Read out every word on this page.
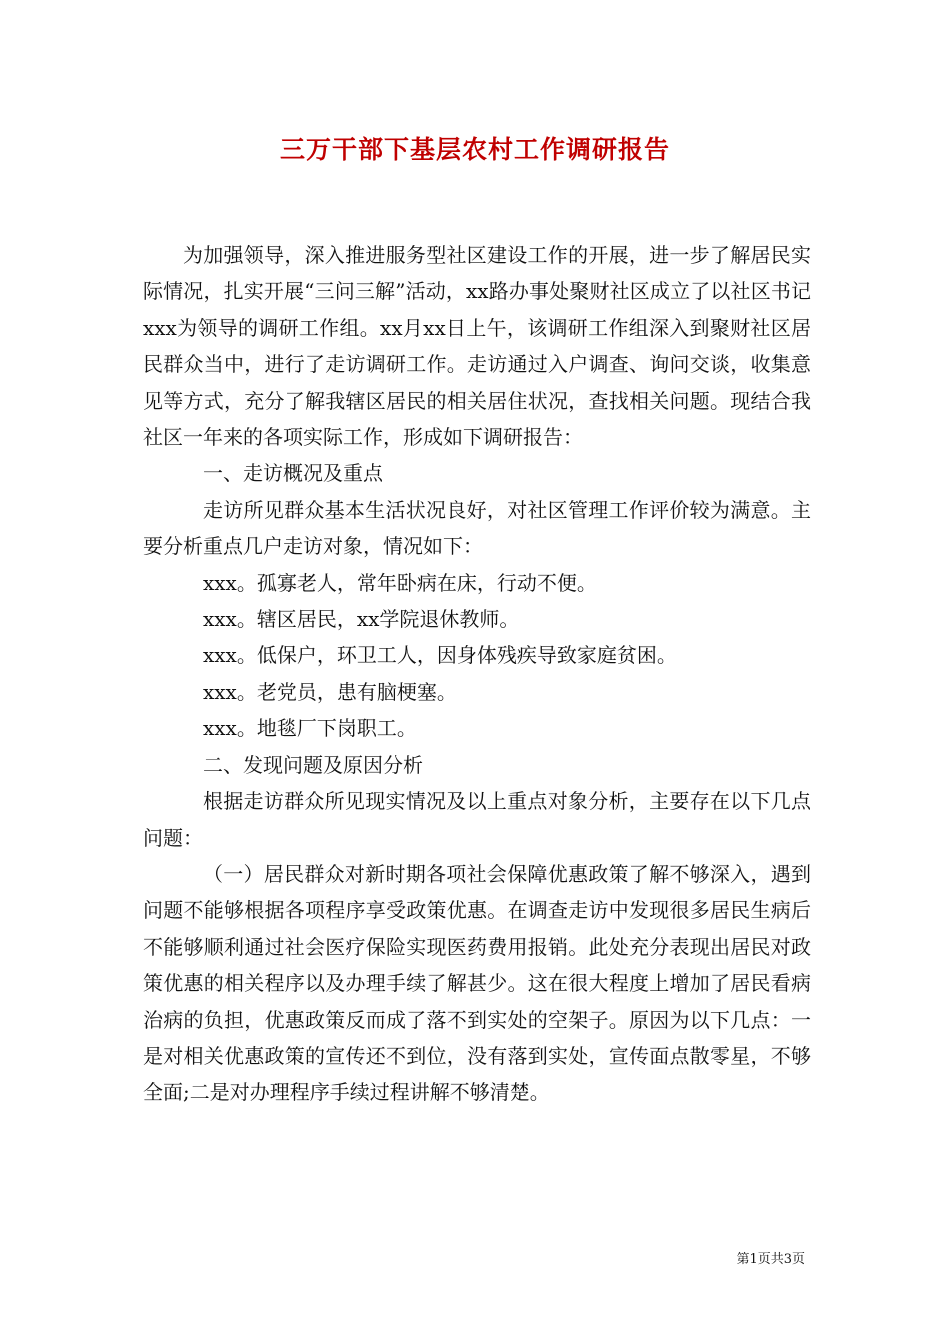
三万干部下基层农村工作调研报告

为加强领导，深入推进服务型社区建设工作的开展，进一步了解居民实际情况，扎实开展“三问三解”活动，xx路办事处聚财社区成立了以社区书记xxx为领导的调研工作组。xx月xx日上午，该调研工作组深入到聚财社区居民群众当中，进行了走访调研工作。走访通过入户调查、询问交谈，收集意见等方式，充分了解我辖区居民的相关居住状况，查找相关问题。现结合我社区一年来的各项实际工作，形成如下调研报告：

一、走访概况及重点

走访所见群众基本生活状况良好，对社区管理工作评价较为满意。主要分析重点几户走访对象，情况如下：

xxx。孤寡老人，常年卧病在床，行动不便。

xxx。辖区居民，xx学院退休教师。

xxx。低保户，环卫工人，因身体残疾导致家庭贫困。

xxx。老党员，患有脑梗塞。

xxx。地毯厂下岗职工。

二、发现问题及原因分析

根据走访群众所见现实情况及以上重点对象分析，主要存在以下几点问题：

（一）居民群众对新时期各项社会保障优惠政策了解不够深入，遇到问题不能够根据各项程序享受政策优惠。在调查走访中发现很多居民生病后不能够顺利通过社会医疗保险实现医药费用报销。此处充分表现出居民对政策优惠的相关程序以及办理手续了解甚少。这在很大程度上增加了居民看病治病的负担，优惠政策反而成了落不到实处的空架子。原因为以下几点：一是对相关优惠政策的宣传还不到位，没有落到实处，宣传面点散零星，不够全面;二是对办理程序手续过程讲解不够清楚。

第1页共3页
